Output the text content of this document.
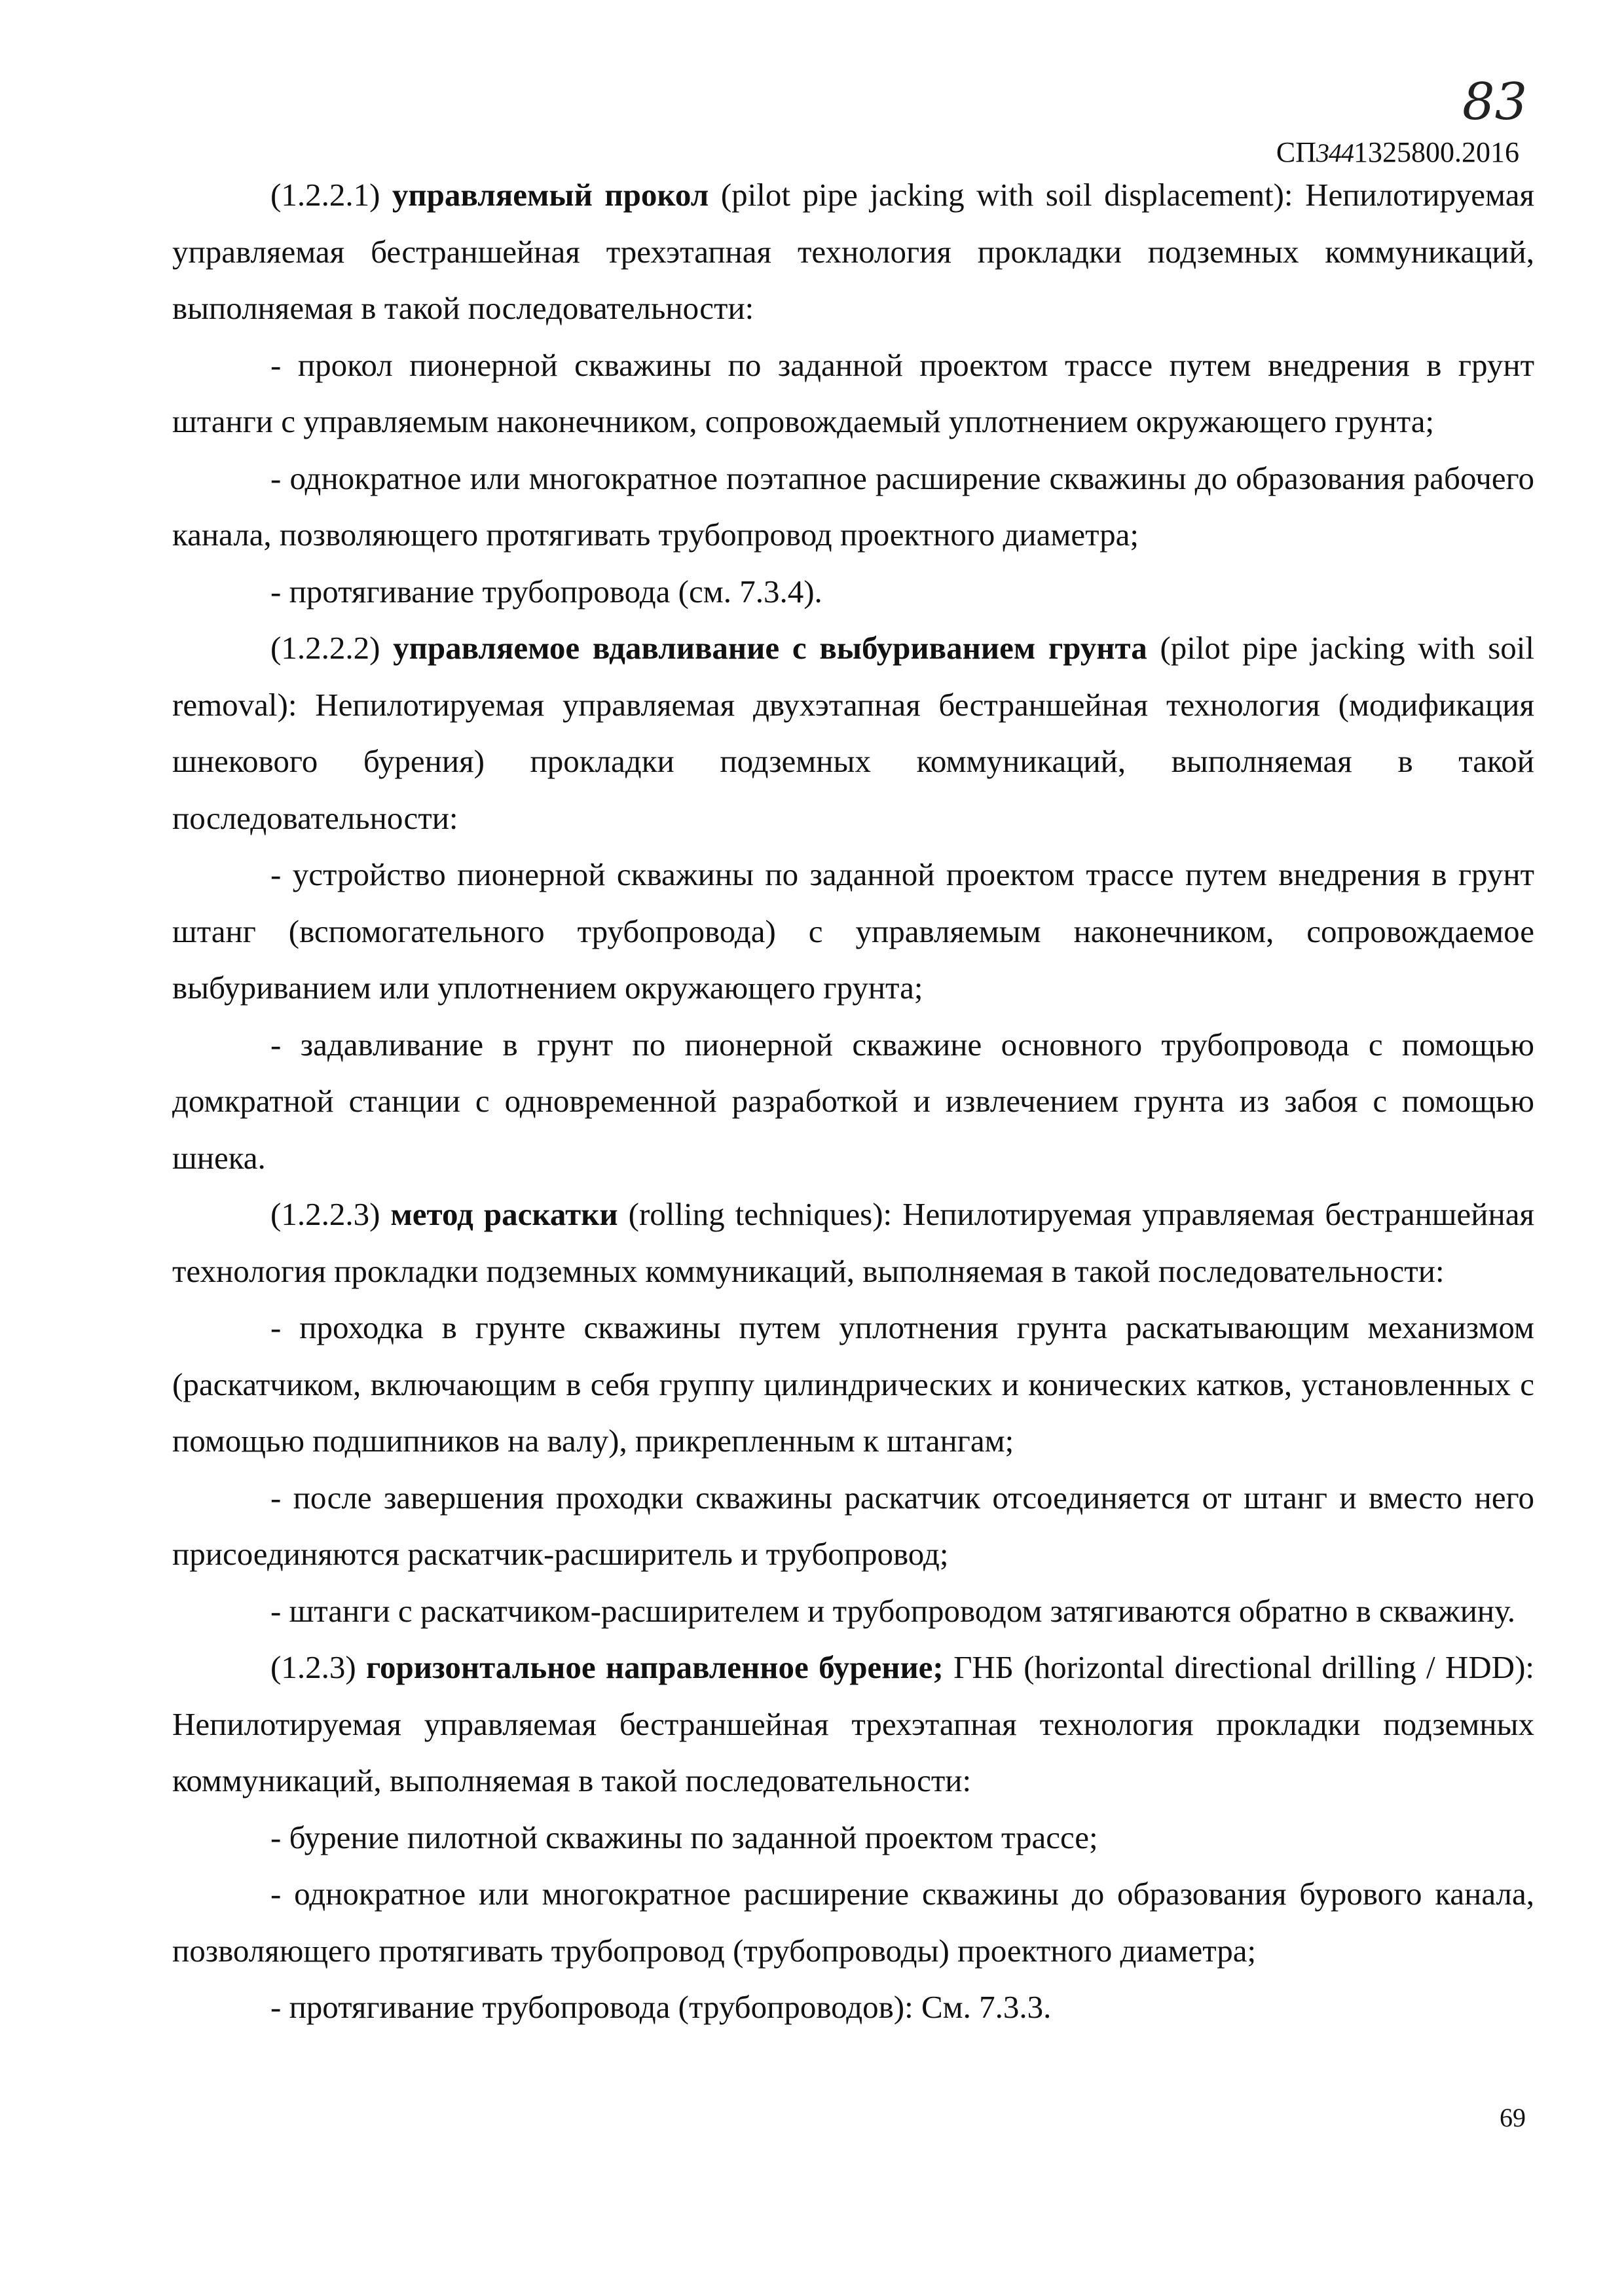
83
СП3441325800.2016

(1.2.2.1) управляемый прокол (pilot pipe jacking with soil displacement): Непилотируемая управляемая бестраншейная трехэтапная технология прокладки подземных коммуникаций, выполняемая в такой последовательности:

- прокол пионерной скважины по заданной проектом трассе путем внедрения в грунт штанги с управляемым наконечником, сопровождаемый уплотнением окружающего грунта;

- однократное или многократное поэтапное расширение скважины до образования рабочего канала, позволяющего протягивать трубопровод проектного диаметра;

- протягивание трубопровода (см. 7.3.4).

(1.2.2.2) управляемое вдавливание с выбуриванием грунта (pilot pipe jacking with soil removal): Непилотируемая управляемая двухэтапная бестраншейная технология (модификация шнекового бурения) прокладки подземных коммуникаций, выполняемая в такой последовательности:

- устройство пионерной скважины по заданной проектом трассе путем внедрения в грунт штанг (вспомогательного трубопровода) с управляемым наконечником, сопровождаемое выбуриванием или уплотнением окружающего грунта;

- задавливание в грунт по пионерной скважине основного трубопровода с помощью домкратной станции с одновременной разработкой и извлечением грунта из забоя с помощью шнека.

(1.2.2.3) метод раскатки (rolling techniques): Непилотируемая управляемая бестраншейная технология прокладки подземных коммуникаций, выполняемая в такой последовательности:

- проходка в грунте скважины путем уплотнения грунта раскатывающим механизмом (раскатчиком, включающим в себя группу цилиндрических и конических катков, установленных с помощью подшипников на валу), прикрепленным к штангам;

- после завершения проходки скважины раскатчик отсоединяется от штанг и вместо него присоединяются раскатчик-расширитель и трубопровод;

- штанги с раскатчиком-расширителем и трубопроводом затягиваются обратно в скважину.

(1.2.3) горизонтальное направленное бурение; ГНБ (horizontal directional drilling / HDD): Непилотируемая управляемая бестраншейная трехэтапная технология прокладки подземных коммуникаций, выполняемая в такой последовательности:

- бурение пилотной скважины по заданной проектом трассе;

- однократное или многократное расширение скважины до образования бурового канала, позволяющего протягивать трубопровод (трубопроводы) проектного диаметра;

- протягивание трубопровода (трубопроводов): См. 7.3.3.

69
